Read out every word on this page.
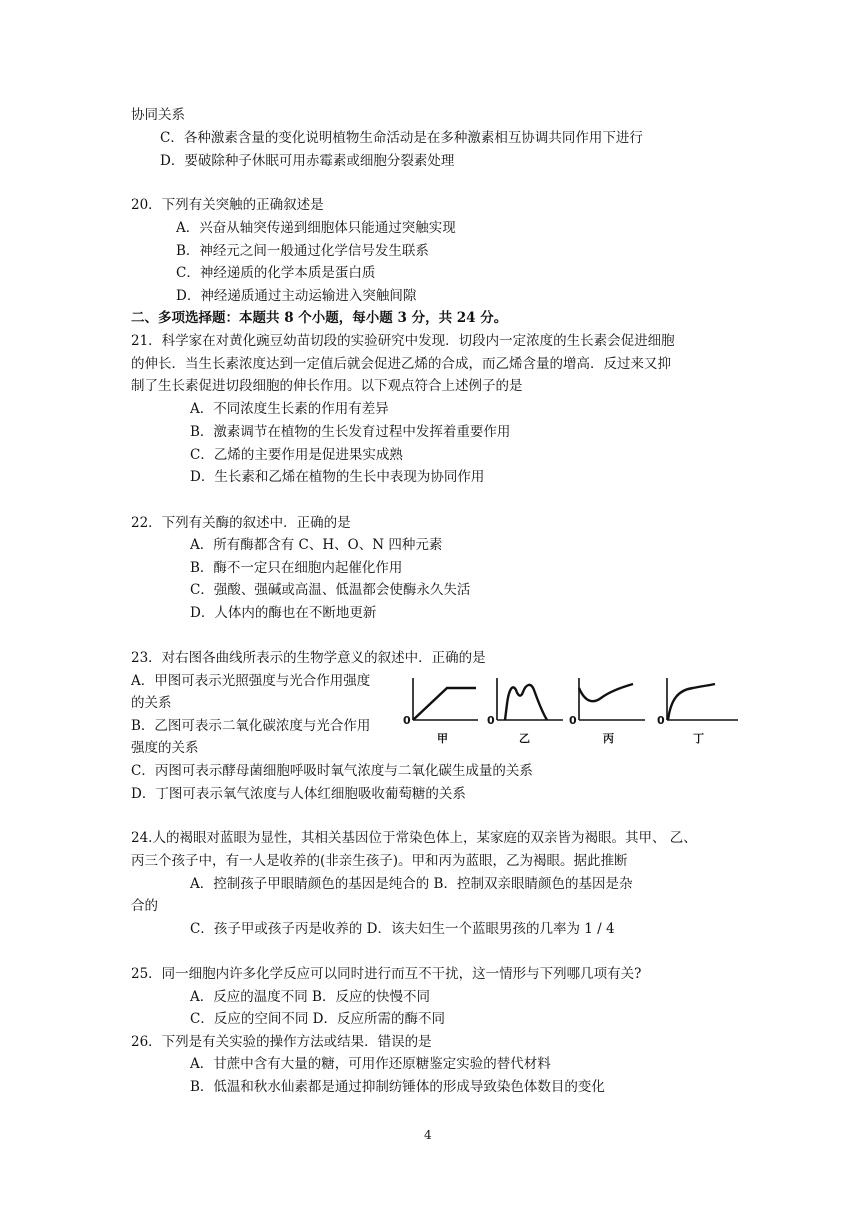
协同关系
C．各种激素含量的变化说明植物生命活动是在多种激素相互协调共同作用下进行
D．要破除种子休眠可用赤霉素或细胞分裂素处理
20．下列有关突触的正确叙述是
A．兴奋从轴突传递到细胞体只能通过突触实现
B．神经元之间一般通过化学信号发生联系
C．神经递质的化学本质是蛋白质
D．神经递质通过主动运输进入突触间隙
二、多项选择题：本题共 8 个小题，每小题 3 分，共 24 分。
21．科学家在对黄化豌豆幼苗切段的实验研究中发现．切段内一定浓度的生长素会促进细胞
的伸长．当生长素浓度达到一定值后就会促进乙烯的合成，而乙烯含量的增高．反过来又抑
制了生长素促进切段细胞的伸长作用。以下观点符合上述例子的是
A．不同浓度生长素的作用有差异
B．激素调节在植物的生长发育过程中发挥着重要作用
C．乙烯的主要作用是促进果实成熟
D．生长素和乙烯在植物的生长中表现为协同作用
22．下列有关酶的叙述中．正确的是
A．所有酶都含有 C、H、O、N 四种元素
B．酶不一定只在细胞内起催化作用
C．强酸、强碱或高温、低温都会使酶永久失活
D．人体内的酶也在不断地更新
23．对右图各曲线所表示的生物学意义的叙述中．正确的是
A．甲图可表示光照强度与光合作用强度
的关系
B．乙图可表示二氧化碳浓度与光合作用
强度的关系
C．丙图可表示酵母菌细胞呼吸时氧气浓度与二氧化碳生成量的关系
D．丁图可表示氧气浓度与人体红细胞吸收葡萄糖的关系
0	0	0	0
甲	乙	丙	丁
24.人的褐眼对蓝眼为显性，其相关基因位于常染色体上，某家庭的双亲皆为褐眼。其甲、 乙、
丙三个孩子中，有一人是收养的(非亲生孩子)。甲和丙为蓝眼，乙为褐眼。据此推断
A．控制孩子甲眼睛颜色的基因是纯合的 B．控制双亲眼睛颜色的基因是杂
合的
C．孩子甲或孩子丙是收养的 D．该夫妇生一个蓝眼男孩的几率为 1 / 4
25．同一细胞内许多化学反应可以同时进行而互不干扰，这一情形与下列哪几项有关?
A．反应的温度不同 B．反应的快慢不同
C．反应的空间不同 D．反应所需的酶不同
26．下列是有关实验的操作方法或结果．错误的是
A．甘蔗中含有大量的糖，可用作还原糖鉴定实验的替代材料
B．低温和秋水仙素都是通过抑制纺锤体的形成导致染色体数目的变化
4
